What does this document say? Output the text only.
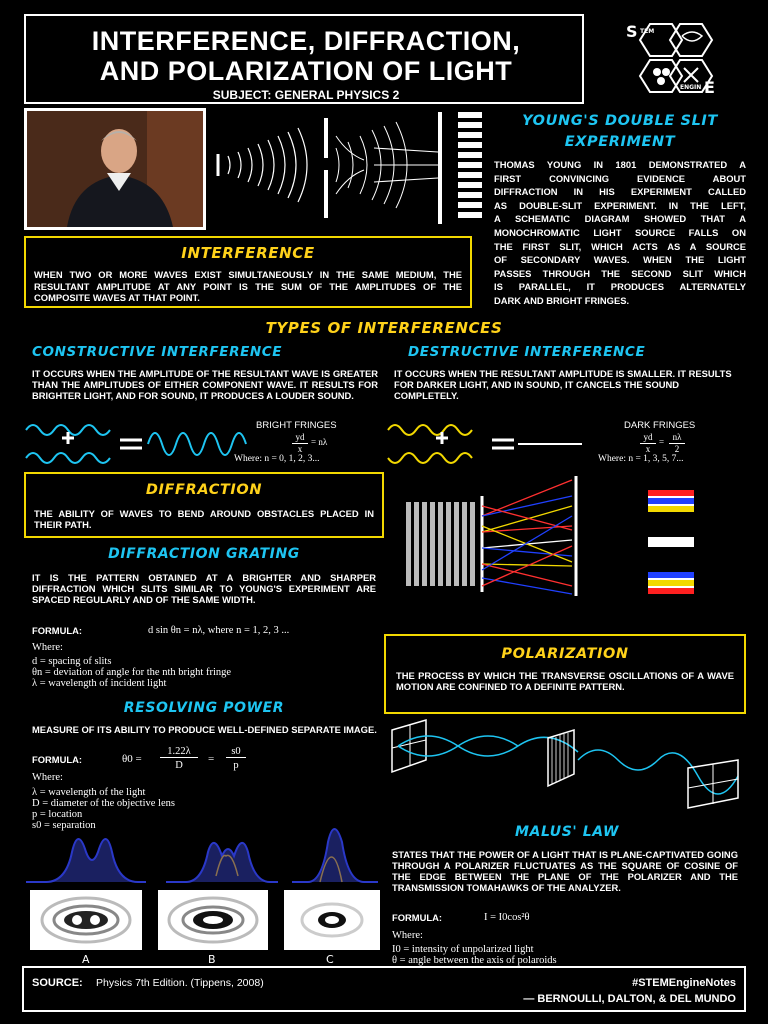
INTERFERENCE, DIFFRACTION,
AND POLARIZATION OF LIGHT
SUBJECT: GENERAL PHYSICS 2
S TEM
ENGIN E
YOUNG'S DOUBLE SLIT
EXPERIMENT
THOMAS YOUNG IN 1801 DEMONSTRATED A
FIRST CONVINCING EVIDENCE ABOUT
DIFFRACTION IN HIS EXPERIMENT CALLED
AS DOUBLE-SLIT EXPERIMENT. IN THE LEFT,
A SCHEMATIC DIAGRAM SHOWED THAT A
MONOCHROMATIC LIGHT SOURCE FALLS ON
THE FIRST SLIT, WHICH ACTS AS A SOURCE
OF SECONDARY WAVES. WHEN THE LIGHT
PASSES THROUGH THE SECOND SLIT WHICH
IS PARALLEL, IT PRODUCES ALTERNATELY
DARK AND BRIGHT FRINGES.
INTERFERENCE
WHEN TWO OR MORE WAVES EXIST SIMULTANEOUSLY IN THE SAME MEDIUM, THE RESULTANT AMPLITUDE AT ANY POINT IS THE SUM OF THE AMPLITUDES OF THE COMPOSITE WAVES AT THAT POINT.
TYPES OF INTERFERENCES
CONSTRUCTIVE INTERFERENCE
IT OCCURS WHEN THE AMPLITUDE OF THE RESULTANT WAVE IS GREATER THAN THE AMPLITUDES OF EITHER COMPONENT WAVE. IT RESULTS FOR BRIGHTER LIGHT, AND FOR SOUND, IT PRODUCES A LOUDER SOUND.
DESTRUCTIVE INTERFERENCE
IT OCCURS WHEN THE RESULTANT AMPLITUDE IS SMALLER. IT RESULTS FOR DARKER LIGHT, AND IN SOUND, IT CANCELS THE SOUND COMPLETELY.
BRIGHT FRINGES
yd
x
= nλ
Where: n = 0, 1, 2, 3...
DARK FRINGES
yd
x
= nλ
2
Where: n = 1, 3, 5, 7...
DIFFRACTION
THE ABILITY OF WAVES TO BEND AROUND OBSTACLES PLACED IN THEIR PATH.
DIFFRACTION GRATING
IT IS THE PATTERN OBTAINED AT A BRIGHTER AND SHARPER DIFFRACTION WHICH SLITS SIMILAR TO YOUNG'S EXPERIMENT ARE SPACED REGULARLY AND OF THE SAME WIDTH.
FORMULA:	d sin θn = nλ, where n = 1, 2, 3 ...
Where:
d = spacing of slits
θn = deviation of angle for the nth bright fringe
λ = wavelength of incident light
POLARIZATION
THE PROCESS BY WHICH THE TRANSVERSE OSCILLATIONS OF A WAVE MOTION ARE CONFINED TO A DEFINITE PATTERN.
RESOLVING POWER
MEASURE OF ITS ABILITY TO PRODUCE WELL-DEFINED SEPARATE IMAGE.
FORMULA:	θ0 =
1.22λ
D
=
s0
p
Where:
λ = wavelength of the light
D = diameter of the objective lens
p = location
s0 = separation
A	B	C
MALUS' LAW
STATES THAT THE POWER OF A LIGHT THAT IS PLANE-CAPTIVATED GOING THROUGH A POLARIZER FLUCTUATES AS THE SQUARE OF COSINE OF THE EDGE BETWEEN THE PLANE OF THE POLARIZER AND THE TRANSMISSION TOMAHAWKS OF THE ANALYZER.
FORMULA:	I = I0cos²θ
Where:
I0 = intensity of unpolarized light
θ = angle between the axis of polaroids
SOURCE: Physics 7th Edition. (Tippens, 2008)	#STEMEngineNotes
— BERNOULLI, DALTON, & DEL MUNDO
